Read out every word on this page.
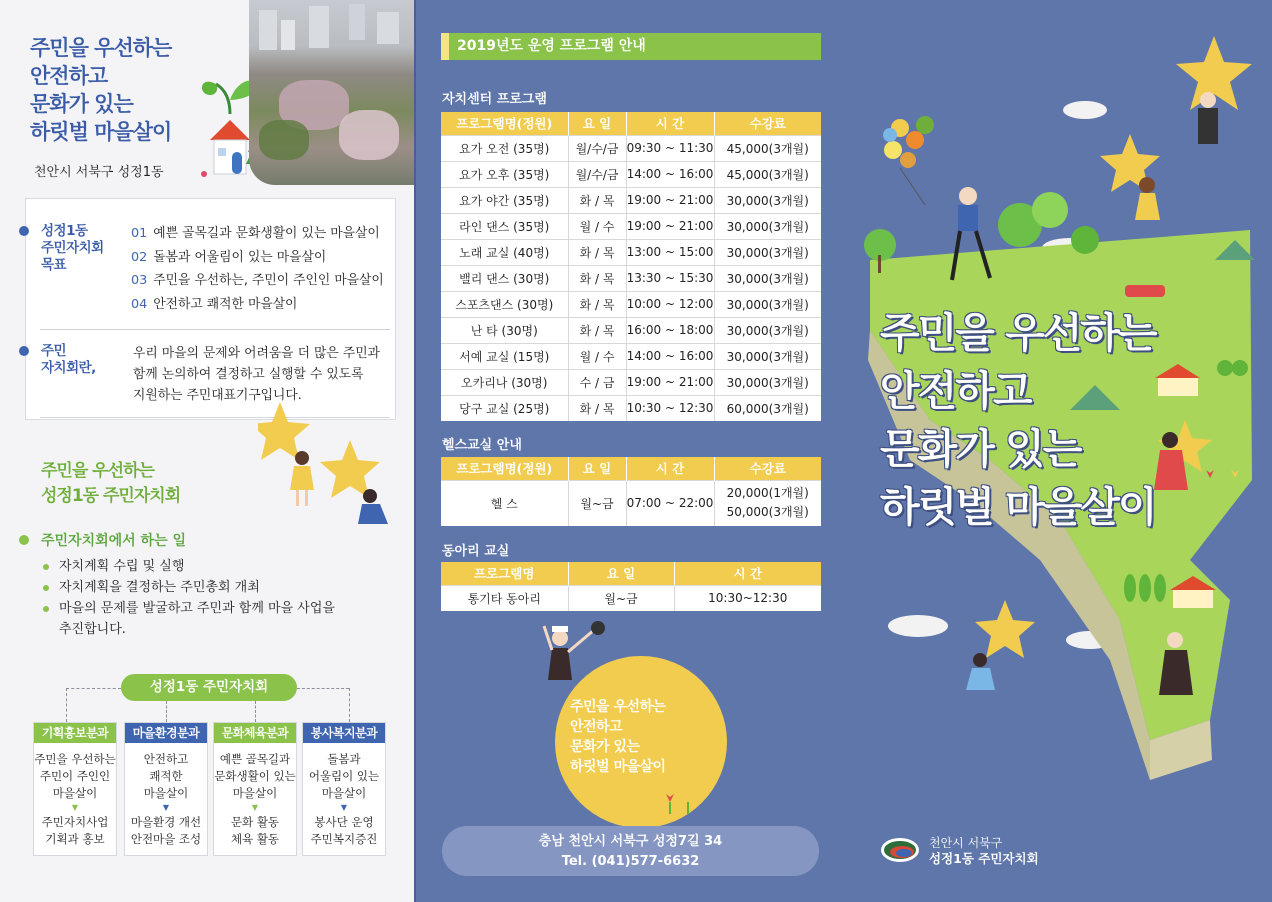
주민을 우선하는
안전하고
문화가 있는
하릿벌 마을살이
천안시 서북구 성정1동
성정1동
주민자치회
목표
01 예쁜 골목길과 문화생활이 있는 마을살이
02 돌봄과 어울림이 있는 마을살이
03 주민을 우선하는, 주민이 주인인 마을살이
04 안전하고 쾌적한 마을살이
주민
자치회란,
우리 마을의 문제와 어려움을 더 많은 주민과
함께 논의하여 결정하고 실행할 수 있도록
지원하는 주민대표기구입니다.
주민을 우선하는
성정1동 주민자치회
주민자치회에서 하는 일
자치계획 수립 및 실행
자치계획을 결정하는 주민총회 개최
마을의 문제를 발굴하고 주민과 함께 마을 사업을
추진합니다.
성정1동 주민자치회
기획홍보분과
주민을 우선하는
주민이 주인인
마을살이
▼
주민자치사업
기획과 홍보
마을환경분과
안전하고
쾌적한
마을살이
▼
마을환경 개선
안전마을 조성
문화체육분과
예쁜 골목길과
문화생활이 있는
마을살이
▼
문화 활동
체육 활동
봉사복지분과
돌봄과
어울림이 있는
마을살이
▼
봉사단 운영
주민복지증진
2019년도 운영 프로그램 안내
자치센터 프로그램
프로그램명(정원)	요 일	시 간	수강료
요가 오전 (35명)	월/수/금	09:30 ~ 11:30	45,000(3개월)
요가 오후 (35명)	월/수/금	14:00 ~ 16:00	45,000(3개월)
요가 야간 (35명)	화 / 목	19:00 ~ 21:00	30,000(3개월)
라인 댄스 (35명)	월 / 수	19:00 ~ 21:00	30,000(3개월)
노래 교실 (40명)	화 / 목	13:00 ~ 15:00	30,000(3개월)
밸리 댄스 (30명)	화 / 목	13:30 ~ 15:30	30,000(3개월)
스포츠댄스 (30명)	화 / 목	10:00 ~ 12:00	30,000(3개월)
난 타 (30명)	화 / 목	16:00 ~ 18:00	30,000(3개월)
서예 교실 (15명)	월 / 수	14:00 ~ 16:00	30,000(3개월)
오카리나 (30명)	수 / 금	19:00 ~ 21:00	30,000(3개월)
당구 교실 (25명)	화 / 목	10:30 ~ 12:30	60,000(3개월)
헬스교실 안내
프로그램명(정원)	요 일	시 간	수강료
헬 스	월~금	07:00 ~ 22:00	20,000(1개월)
50,000(3개월)
동아리 교실
프로그램명	요 일	시 간
통기타 동아리	월~금	10:30~12:30
주민을 우선하는
안전하고
문화가 있는
하릿벌 마을살이
충남 천안시 서북구 성정7길 34
Tel. (041)577-6632
주민을 우선하는
안전하고
문화가 있는
하릿벌 마을살이
천안시 서북구
성정1동 주민자치회
